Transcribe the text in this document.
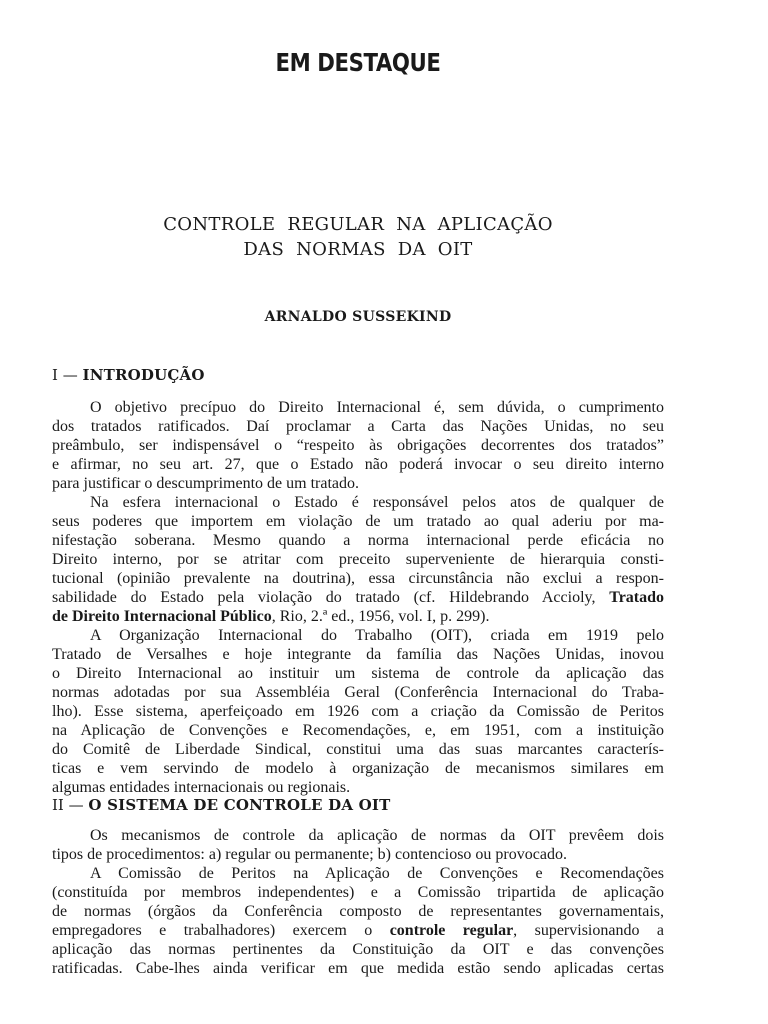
EM DESTAQUE
CONTROLE REGULAR NA APLICAÇÃO
DAS NORMAS DA OIT
ARNALDO SUSSEKIND
I — INTRODUÇÃO
O objetivo precípuo do Direito Internacional é, sem dúvida, o cumprimento
dos tratados ratificados. Daí proclamar a Carta das Nações Unidas, no seu
preâmbulo, ser indispensável o “respeito às obrigações decorrentes dos tratados”
e afirmar, no seu art. 27, que o Estado não poderá invocar o seu direito interno
para justificar o descumprimento de um tratado.
Na esfera internacional o Estado é responsável pelos atos de qualquer de
seus poderes que importem em violação de um tratado ao qual aderiu por ma-
nifestação soberana. Mesmo quando a norma internacional perde eficácia no
Direito interno, por se atritar com preceito superveniente de hierarquia consti-
tucional (opinião prevalente na doutrina), essa circunstância não exclui a respon-
sabilidade do Estado pela violação do tratado (cf. Hildebrando Accioly, Tratado
de Direito Internacional Público, Rio, 2.ª ed., 1956, vol. I, p. 299).
A Organização Internacional do Trabalho (OIT), criada em 1919 pelo
Tratado de Versalhes e hoje integrante da família das Nações Unidas, inovou
o Direito Internacional ao instituir um sistema de controle da aplicação das
normas adotadas por sua Assembléia Geral (Conferência Internacional do Traba-
lho). Esse sistema, aperfeiçoado em 1926 com a criação da Comissão de Peritos
na Aplicação de Convenções e Recomendações, e, em 1951, com a instituição
do Comitê de Liberdade Sindical, constitui uma das suas marcantes caracterís-
ticas e vem servindo de modelo à organização de mecanismos similares em
algumas entidades internacionais ou regionais.
II — O SISTEMA DE CONTROLE DA OIT
Os mecanismos de controle da aplicação de normas da OIT prevêem dois
tipos de procedimentos: a) regular ou permanente; b) contencioso ou provocado.
A Comissão de Peritos na Aplicação de Convenções e Recomendações
(constituída por membros independentes) e a Comissão tripartida de aplicação
de normas (órgãos da Conferência composto de representantes governamentais,
empregadores e trabalhadores) exercem o controle regular, supervisionando a
aplicação das normas pertinentes da Constituição da OIT e das convenções
ratificadas. Cabe-lhes ainda verificar em que medida estão sendo aplicadas certas
